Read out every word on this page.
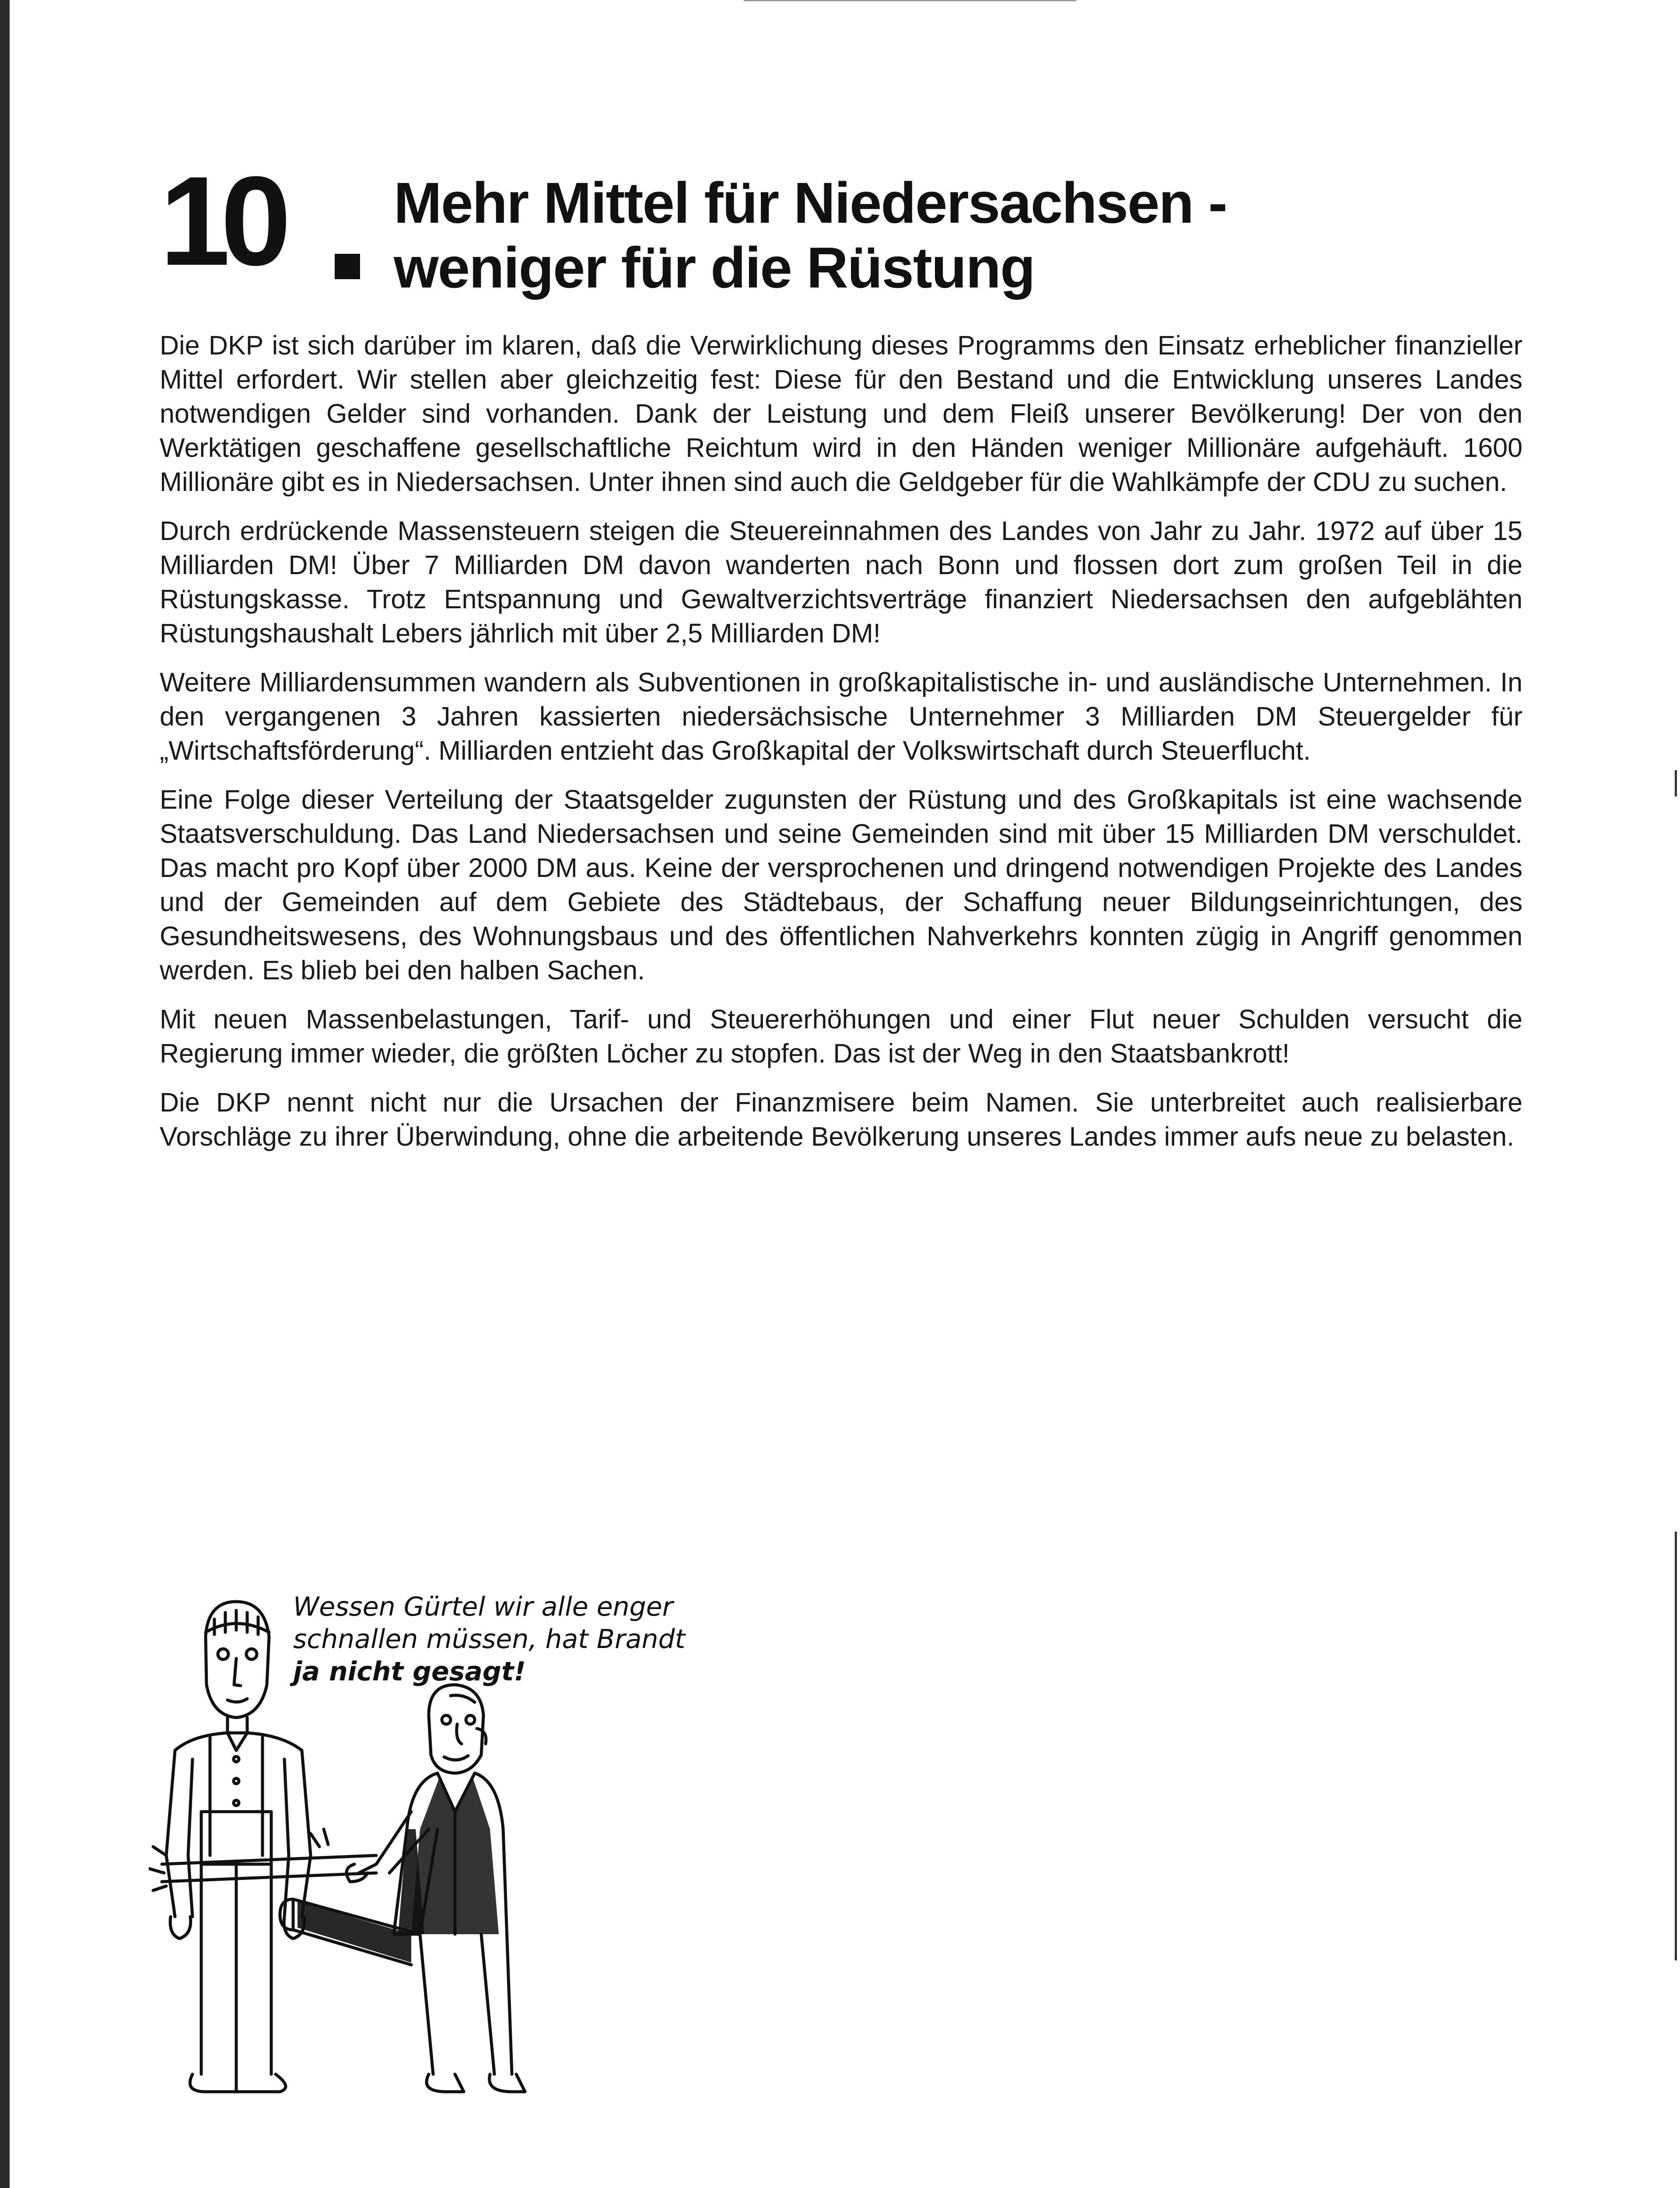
10 Mehr Mittel für Niedersachsen -
weniger für die Rüstung

Die DKP ist sich darüber im klaren, daß die Verwirklichung dieses Programms den Einsatz erheblicher finanzieller Mittel erfordert. Wir stellen aber gleichzeitig fest: Diese für den Bestand und die Entwicklung unseres Landes notwendigen Gelder sind vorhanden. Dank der Leistung und dem Fleiß unserer Bevölkerung! Der von den Werktätigen geschaffene gesellschaftliche Reichtum wird in den Händen weniger Millionäre aufgehäuft. 1600 Millionäre gibt es in Niedersachsen. Unter ihnen sind auch die Geldgeber für die Wahlkämpfe der CDU zu suchen.

Durch erdrückende Massensteuern steigen die Steuereinnahmen des Landes von Jahr zu Jahr. 1972 auf über 15 Milliarden DM! Über 7 Milliarden DM davon wanderten nach Bonn und flossen dort zum großen Teil in die Rüstungskasse. Trotz Entspannung und Gewaltverzichtsverträge finanziert Niedersachsen den aufgeblähten Rüstungshaushalt Lebers jährlich mit über 2,5 Milliarden DM!

Weitere Milliardensummen wandern als Subventionen in großkapitalistische in- und ausländische Unternehmen. In den vergangenen 3 Jahren kassierten niedersächsische Unternehmer 3 Milliarden DM Steuergelder für „Wirtschaftsförderung“. Milliarden entzieht das Großkapital der Volkswirtschaft durch Steuerflucht.

Eine Folge dieser Verteilung der Staatsgelder zugunsten der Rüstung und des Großkapitals ist eine wachsende Staatsverschuldung. Das Land Niedersachsen und seine Gemeinden sind mit über 15 Milliarden DM verschuldet. Das macht pro Kopf über 2000 DM aus. Keine der versprochenen und dringend notwendigen Projekte des Landes und der Gemeinden auf dem Gebiete des Städtebaus, der Schaffung neuer Bildungseinrichtungen, des Gesundheitswesens, des Wohnungsbaus und des öffentlichen Nahverkehrs konnten zügig in Angriff genommen werden. Es blieb bei den halben Sachen.

Mit neuen Massenbelastungen, Tarif- und Steuererhöhungen und einer Flut neuer Schulden versucht die Regierung immer wieder, die größten Löcher zu stopfen. Das ist der Weg in den Staatsbankrott!

Die DKP nennt nicht nur die Ursachen der Finanzmisere beim Namen. Sie unterbreitet auch realisierbare Vorschläge zu ihrer Überwindung, ohne die arbeitende Bevölkerung unseres Landes immer aufs neue zu belasten.

Wessen Gürtel wir alle enger
schnallen müssen, hat Brandt
ja nicht gesagt!
